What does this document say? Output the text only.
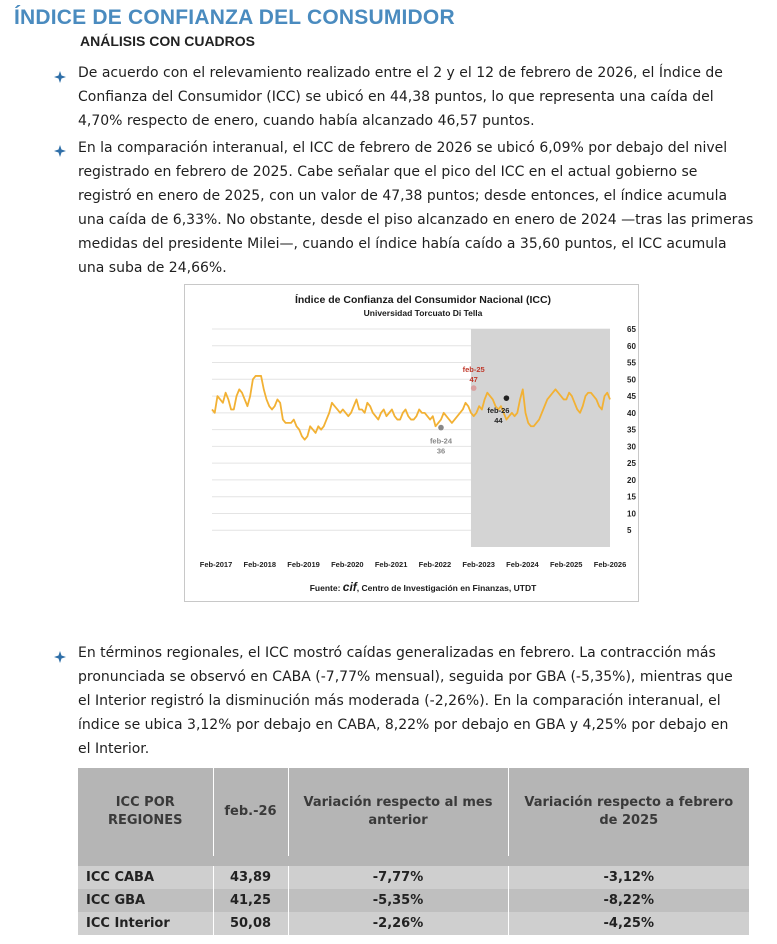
ÍNDICE DE CONFIANZA DEL CONSUMIDOR
ANÁLISIS CON CUADROS
De acuerdo con el relevamiento realizado entre el 2 y el 12 de febrero de 2026, el Índice de
Confianza del Consumidor (ICC) se ubicó en 44,38 puntos, lo que representa una caída del
4,70% respecto de enero, cuando había alcanzado 46,57 puntos.
En la comparación interanual, el ICC de febrero de 2026 se ubicó 6,09% por debajo del nivel
registrado en febrero de 2025. Cabe señalar que el pico del ICC en el actual gobierno se
registró en enero de 2025, con un valor de 47,38 puntos; desde entonces, el índice acumula
una caída de 6,33%. No obstante, desde el piso alcanzado en enero de 2024 —tras las primeras
medidas del presidente Milei—, cuando el índice había caído a 35,60 puntos, el ICC acumula
una suba de 24,66%.
Índice de Confianza del Consumidor Nacional (ICC)
Universidad Torcuato Di Tella
5
10
15
20
25
30
35
40
45
50
55
60
65
Feb-2017 Feb-2018 Feb-2019 Feb-2020 Feb-2021 Feb-2022 Feb-2023 Feb-2024 Feb-2025 Feb-2026
feb-25
47
feb-24
36
feb-26
44
Fuente: cif, Centro de Investigación en Finanzas, UTDT
En términos regionales, el ICC mostró caídas generalizadas en febrero. La contracción más
pronunciada se observó en CABA (-7,77% mensual), seguida por GBA (-5,35%), mientras que
el Interior registró la disminución más moderada (-2,26%). En la comparación interanual, el
índice se ubica 3,12% por debajo en CABA, 8,22% por debajo en GBA y 4,25% por debajo en
el Interior.
ICC POR REGIONES	feb.-26	Variación respecto al mes anterior	Variación respecto a febrero de 2025

ICC CABA	43,89	-7,77%	-3,12%
ICC GBA	41,25	-5,35%	-8,22%
ICC Interior	50,08	-2,26%	-4,25%
